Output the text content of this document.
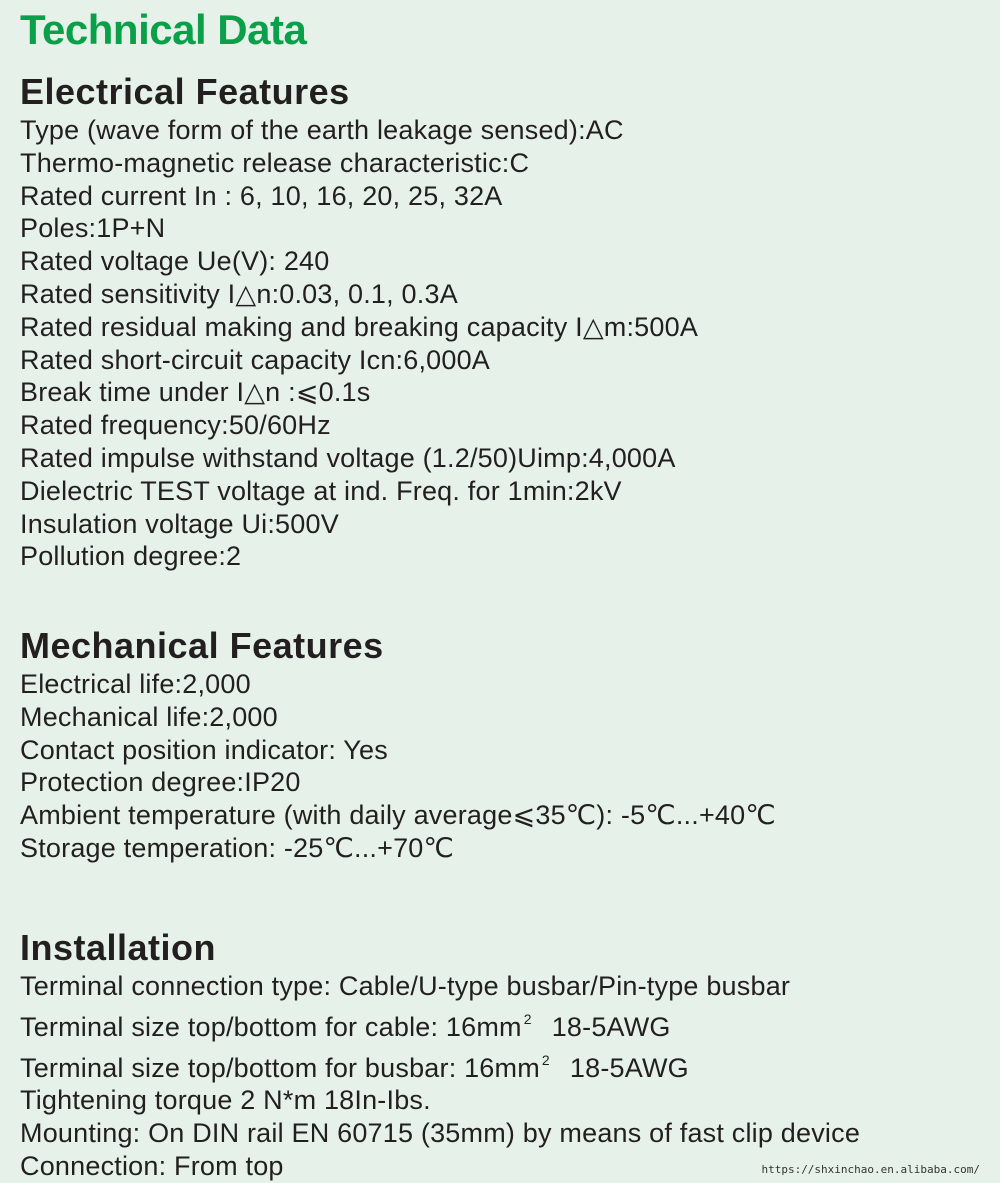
Technical Data
Electrical Features
Type (wave form of the earth leakage sensed):AC
Thermo-magnetic release characteristic:C
Rated current In : 6, 10, 16, 20, 25, 32A
Poles:1P+N
Rated voltage Ue(V): 240
Rated sensitivity I△n:0.03, 0.1, 0.3A
Rated residual making and breaking capacity I△m:500A
Rated short-circuit capacity Icn:6,000A
Break time under I△n :⩽0.1s
Rated frequency:50/60Hz
Rated impulse withstand voltage (1.2/50)Uimp:4,000A
Dielectric TEST voltage at ind. Freq. for 1min:2kV
Insulation voltage Ui:500V
Pollution degree:2
Mechanical Features
Electrical life:2,000
Mechanical life:2,000
Contact position indicator: Yes
Protection degree:IP20
Ambient temperature (with daily average⩽35℃): -5℃...+40℃
Storage temperation: -25℃...+70℃
Installation
Terminal connection type: Cable/U-type busbar/Pin-type busbar
Terminal size top/bottom for cable: 16mm $^2$ 18-5AWG
Terminal size top/bottom for busbar: 16mm $^2$ 18-5AWG
Tightening torque 2 N*m 18In-Ibs.
Mounting: On DIN rail EN 60715 (35mm) by means of fast clip device
Connection: From top	https://shxinchao.en.alibaba.com/
